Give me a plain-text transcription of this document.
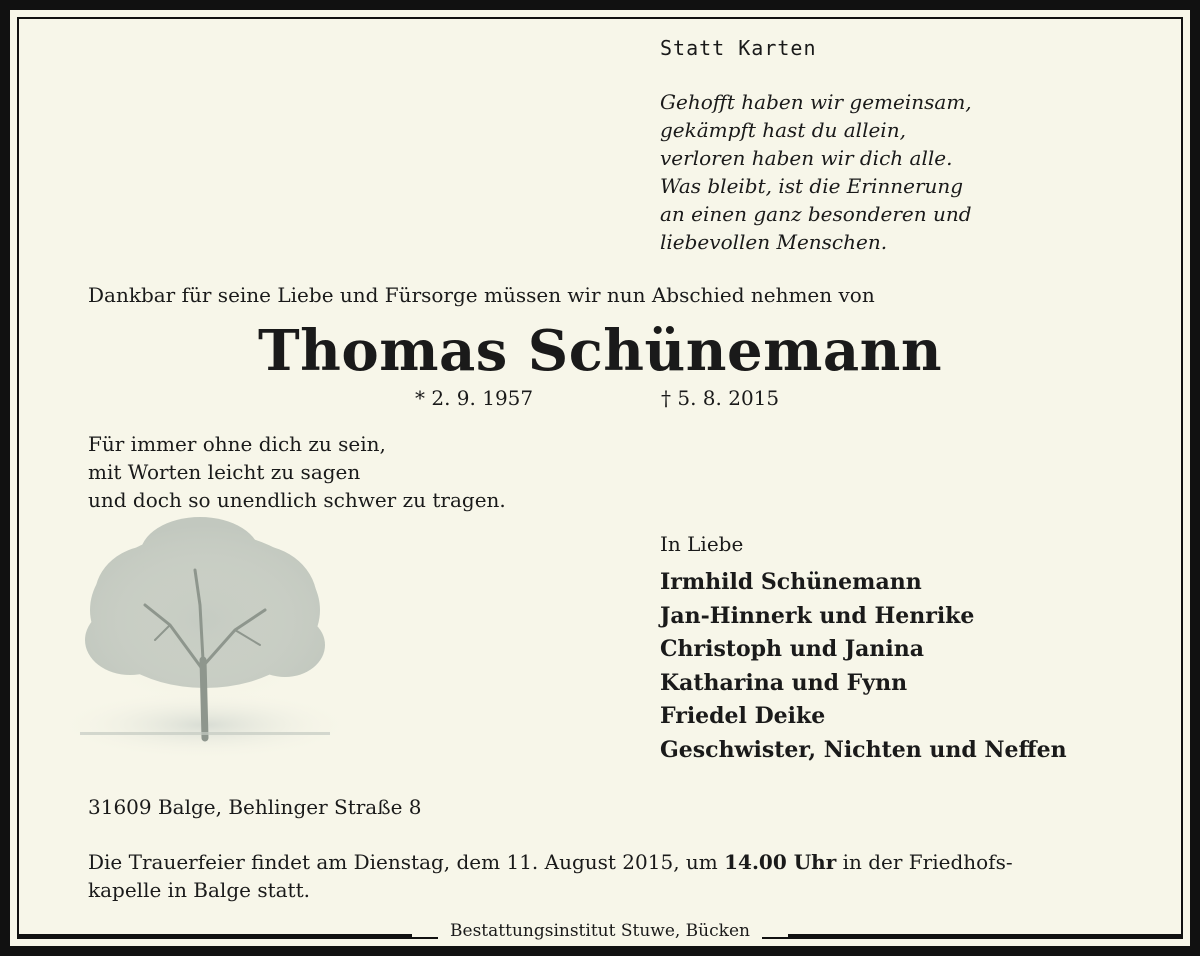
Statt Karten

Gehofft haben wir gemeinsam,
gekämpft hast du allein,
verloren haben wir dich alle.
Was bleibt, ist die Erinnerung
an einen ganz besonderen und
liebevollen Menschen.

Dankbar für seine Liebe und Fürsorge müssen wir nun Abschied nehmen von

Thomas Schünemann

* 2. 9. 1957	† 5. 8. 2015

Für immer ohne dich zu sein,
mit Worten leicht zu sagen
und doch so unendlich schwer zu tragen.

In Liebe

Irmhild Schünemann
Jan-Hinnerk und Henrike
Christoph und Janina
Katharina und Fynn
Friedel Deike
Geschwister, Nichten und Neffen

31609 Balge, Behlinger Straße 8

Die Trauerfeier findet am Dienstag, dem 11. August 2015, um 14.00 Uhr in der Friedhofs-
kapelle in Balge statt.

Bestattungsinstitut Stuwe, Bücken
